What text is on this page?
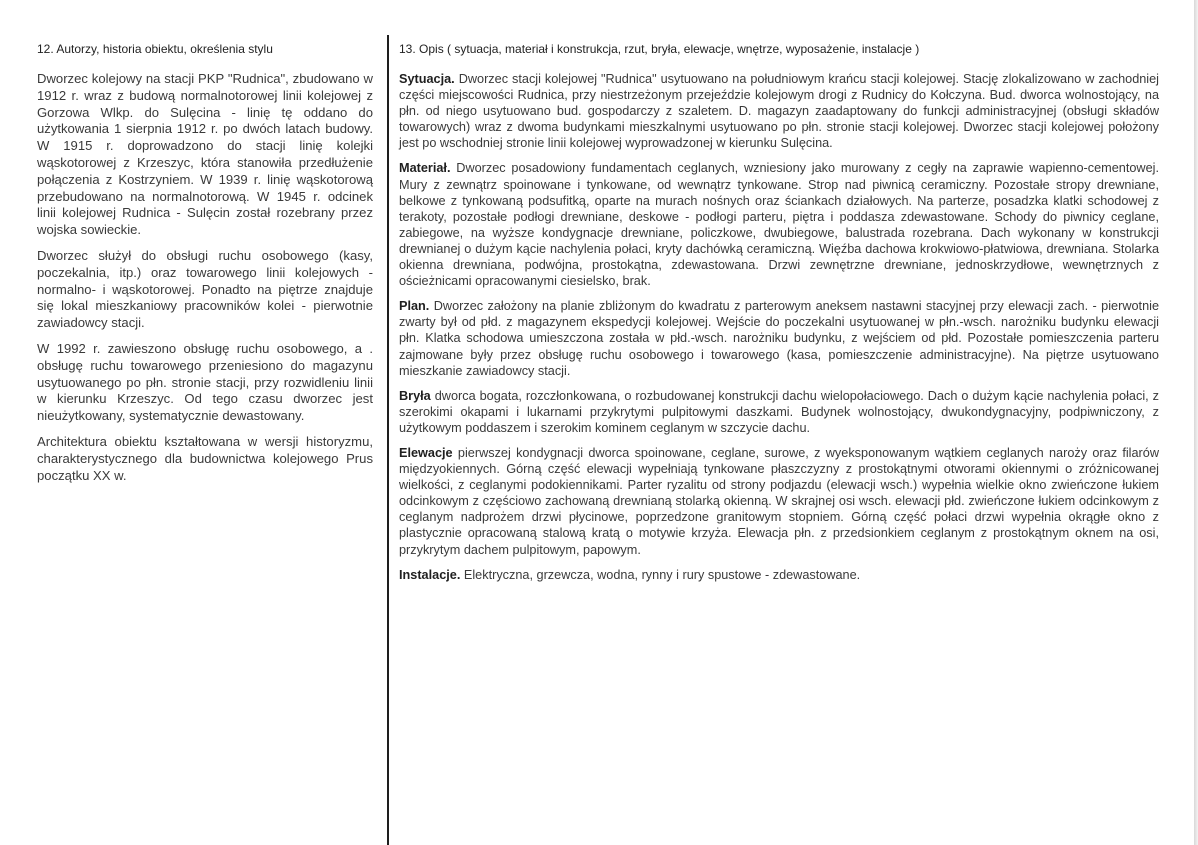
12. Autorzy, historia obiektu, określenia stylu

Dworzec kolejowy na stacji PKP "Rudnica", zbudowano w 1912 r. wraz z budową normalnotorowej linii kolejowej z Gorzowa Wlkp. do Sulęcina - linię tę oddano do użytkowania 1 sierpnia 1912 r. po dwóch latach budowy. W 1915 r. doprowadzono do stacji linię kolejki wąskotorowej z Krzeszyc, która stanowiła przedłużenie połączenia z Kostrzyniem. W 1939 r. linię wąskotorową przebudowano na normalnotorową. W 1945 r. odcinek linii kolejowej Rudnica - Sulęcin został rozebrany przez wojska sowieckie.

Dworzec służył do obsługi ruchu osobowego (kasy, poczekalnia, itp.) oraz towarowego linii kolejowych - normalno- i wąskotorowej. Ponadto na piętrze znajduje się lokal mieszkaniowy pracowników kolei - pierwotnie zawiadowcy stacji.

W 1992 r. zawieszono obsługę ruchu osobowego, a . obsługę ruchu towarowego przeniesiono do magazynu usytuowanego po płn. stronie stacji, przy rozwidleniu linii w kierunku Krzeszyc. Od tego czasu dworzec jest nieużytkowany, systematycznie dewastowany.

Architektura obiektu kształtowana w wersji historyzmu, charakterystycznego dla budownictwa kolejowego Prus początku XX w.

13. Opis ( sytuacja, materiał i konstrukcja, rzut, bryła, elewacje, wnętrze, wyposażenie, instalacje )

Sytuacja. Dworzec stacji kolejowej "Rudnica" usytuowano na południowym krańcu stacji kolejowej. Stację zlokalizowano w zachodniej części miejscowości Rudnica, przy niestrzeżonym przejeździe kolejowym drogi z Rudnicy do Kołczyna. Bud. dworca wolnostojący, na płn. od niego usytuowano bud. gospodarczy z szaletem. D. magazyn zaadaptowany do funkcji administracyjnej (obsługi składów towarowych) wraz z dwoma budynkami mieszkalnymi usytuowano po płn. stronie stacji kolejowej. Dworzec stacji kolejowej położony jest po wschodniej stronie linii kolejowej wyprowadzonej w kierunku Sulęcina.

Materiał. Dworzec posadowiony fundamentach ceglanych, wzniesiony jako murowany z cegły na zaprawie wapienno-cementowej. Mury z zewnątrz spoinowane i tynkowane, od wewnątrz tynkowane. Strop nad piwnicą ceramiczny. Pozostałe stropy drewniane, belkowe z tynkowaną podsufitką, oparte na murach nośnych oraz ściankach działowych. Na parterze, posadzka klatki schodowej z terakoty, pozostałe podłogi drewniane, deskowe - podłogi parteru, piętra i poddasza zdewastowane. Schody do piwnicy ceglane, zabiegowe, na wyższe kondygnacje drewniane, policzkowe, dwubiegowe, balustrada rozebrana. Dach wykonany w konstrukcji drewnianej o dużym kącie nachylenia połaci, kryty dachówką ceramiczną. Więźba dachowa krokwiowo-płatwiowa, drewniana. Stolarka okienna drewniana, podwójna, prostokątna, zdewastowana. Drzwi zewnętrzne drewniane, jednoskrzydłowe, wewnętrznych z ościeżnicami opracowanymi ciesielsko, brak.

Plan. Dworzec założony na planie zbliżonym do kwadratu z parterowym aneksem nastawni stacyjnej przy elewacji zach. - pierwotnie zwarty był od płd. z magazynem ekspedycji kolejowej. Wejście do poczekalni usytuowanej w płn.-wsch. narożniku budynku elewacji płn. Klatka schodowa umieszczona została w płd.-wsch. narożniku budynku, z wejściem od płd. Pozostałe pomieszczenia parteru zajmowane były przez obsługę ruchu osobowego i towarowego (kasa, pomieszczenie administracyjne). Na piętrze usytuowano mieszkanie zawiadowcy stacji.

Bryła dworca bogata, rozczłonkowana, o rozbudowanej konstrukcji dachu wielopołaciowego. Dach o dużym kącie nachylenia połaci, z szerokimi okapami i lukarnami przykrytymi pulpitowymi daszkami. Budynek wolnostojący, dwukondygnacyjny, podpiwniczony, z użytkowym poddaszem i szerokim kominem ceglanym w szczycie dachu.

Elewacje pierwszej kondygnacji dworca spoinowane, ceglane, surowe, z wyeksponowanym wątkiem ceglanych naroży oraz filarów międzyokiennych. Górną część elewacji wypełniają tynkowane płaszczyzny z prostokątnymi otworami okiennymi o zróżnicowanej wielkości, z ceglanymi podokiennikami. Parter ryzalitu od strony podjazdu (elewacji wsch.) wypełnia wielkie okno zwieńczone łukiem odcinkowym z częściowo zachowaną drewnianą stolarką okienną. W skrajnej osi wsch. elewacji płd. zwieńczone łukiem odcinkowym z ceglanym nadprożem drzwi płycinowe, poprzedzone granitowym stopniem. Górną część połaci drzwi wypełnia okrągłe okno z plastycznie opracowaną stalową kratą o motywie krzyża. Elewacja płn. z przedsionkiem ceglanym z prostokątnym oknem na osi, przykrytym dachem pulpitowym, papowym.

Instalacje. Elektryczna, grzewcza, wodna, rynny i rury spustowe - zdewastowane.
